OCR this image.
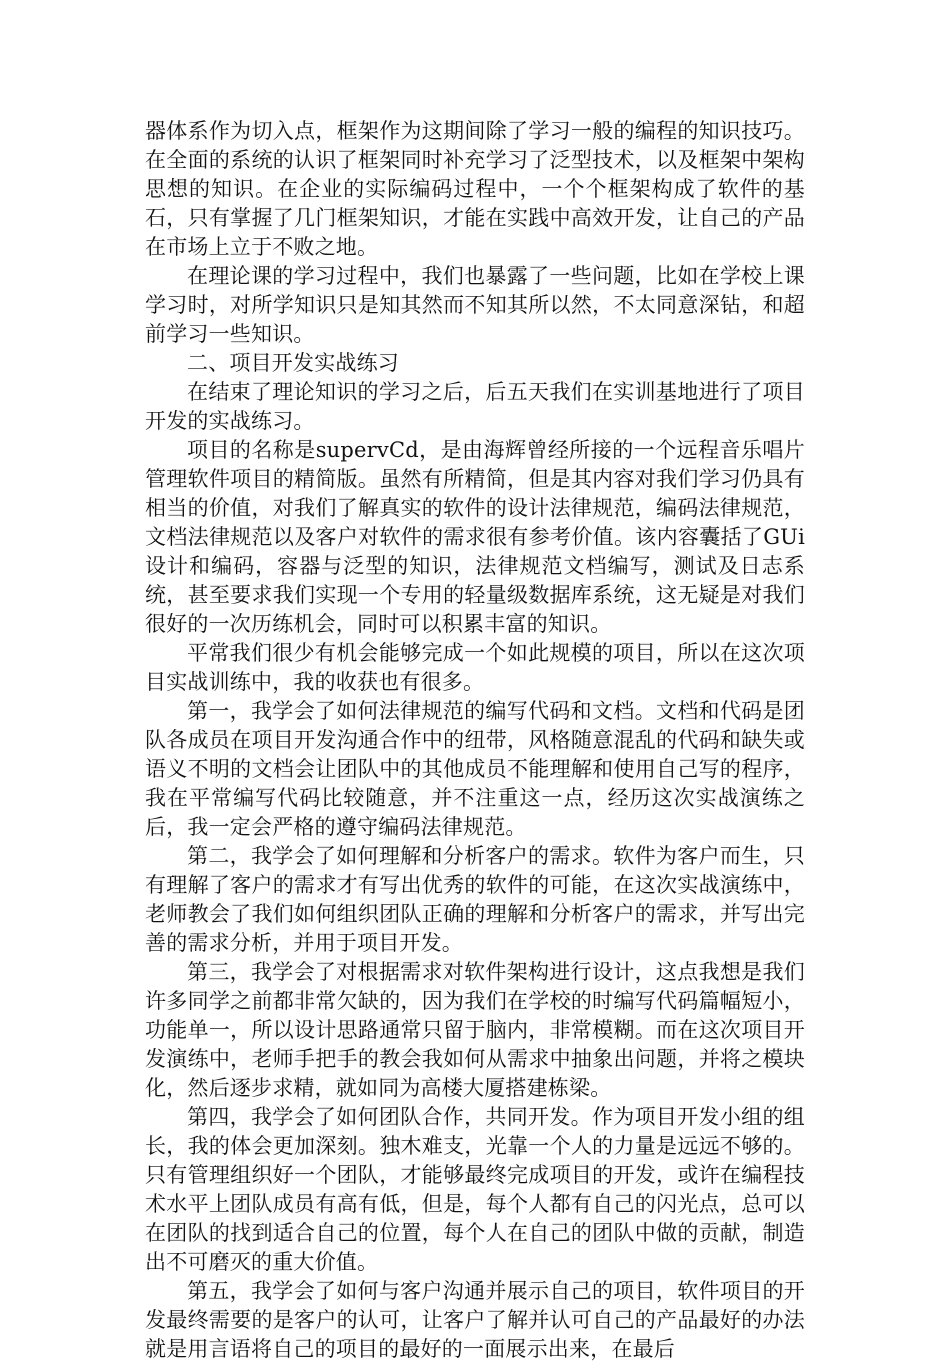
器体系作为切入点，框架作为这期间除了学习一般的编程的知识技巧。在全面的系统的认识了框架同时补充学习了泛型技术，以及框架中架构思想的知识。在企业的实际编码过程中，一个个框架构成了软件的基石，只有掌握了几门框架知识，才能在实践中高效开发，让自己的产品在市场上立于不败之地。

在理论课的学习过程中，我们也暴露了一些问题，比如在学校上课学习时，对所学知识只是知其然而不知其所以然，不太同意深钻，和超前学习一些知识。

二、项目开发实战练习

在结束了理论知识的学习之后，后五天我们在实训基地进行了项目开发的实战练习。

项目的名称是supervCd，是由海辉曾经所接的一个远程音乐唱片管理软件项目的精简版。虽然有所精简，但是其内容对我们学习仍具有相当的价值，对我们了解真实的软件的设计法律规范，编码法律规范，文档法律规范以及客户对软件的需求很有参考价值。该内容囊括了GUi设计和编码，容器与泛型的知识，法律规范文档编写，测试及日志系统，甚至要求我们实现一个专用的轻量级数据库系统，这无疑是对我们很好的一次历练机会，同时可以积累丰富的知识。

平常我们很少有机会能够完成一个如此规模的项目，所以在这次项目实战训练中，我的收获也有很多。

第一，我学会了如何法律规范的编写代码和文档。文档和代码是团队各成员在项目开发沟通合作中的纽带，风格随意混乱的代码和缺失或语义不明的文档会让团队中的其他成员不能理解和使用自己写的程序，我在平常编写代码比较随意，并不注重这一点，经历这次实战演练之后，我一定会严格的遵守编码法律规范。

第二，我学会了如何理解和分析客户的需求。软件为客户而生，只有理解了客户的需求才有写出优秀的软件的可能，在这次实战演练中，老师教会了我们如何组织团队正确的理解和分析客户的需求，并写出完善的需求分析，并用于项目开发。

第三，我学会了对根据需求对软件架构进行设计，这点我想是我们许多同学之前都非常欠缺的，因为我们在学校的时编写代码篇幅短小，功能单一，所以设计思路通常只留于脑内，非常模糊。而在这次项目开发演练中，老师手把手的教会我如何从需求中抽象出问题，并将之模块化，然后逐步求精，就如同为高楼大厦搭建栋梁。

第四，我学会了如何团队合作，共同开发。作为项目开发小组的组长，我的体会更加深刻。独木难支，光靠一个人的力量是远远不够的。只有管理组织好一个团队，才能够最终完成项目的开发，或许在编程技术水平上团队成员有高有低，但是，每个人都有自己的闪光点，总可以在团队的找到适合自己的位置，每个人在自己的团队中做的贡献，制造出不可磨灭的重大价值。

第五，我学会了如何与客户沟通并展示自己的项目，软件项目的开发最终需要的是客户的认可，让客户了解并认可自己的产品最好的办法就是用言语将自己的项目的最好的一面展示出来，在最后
